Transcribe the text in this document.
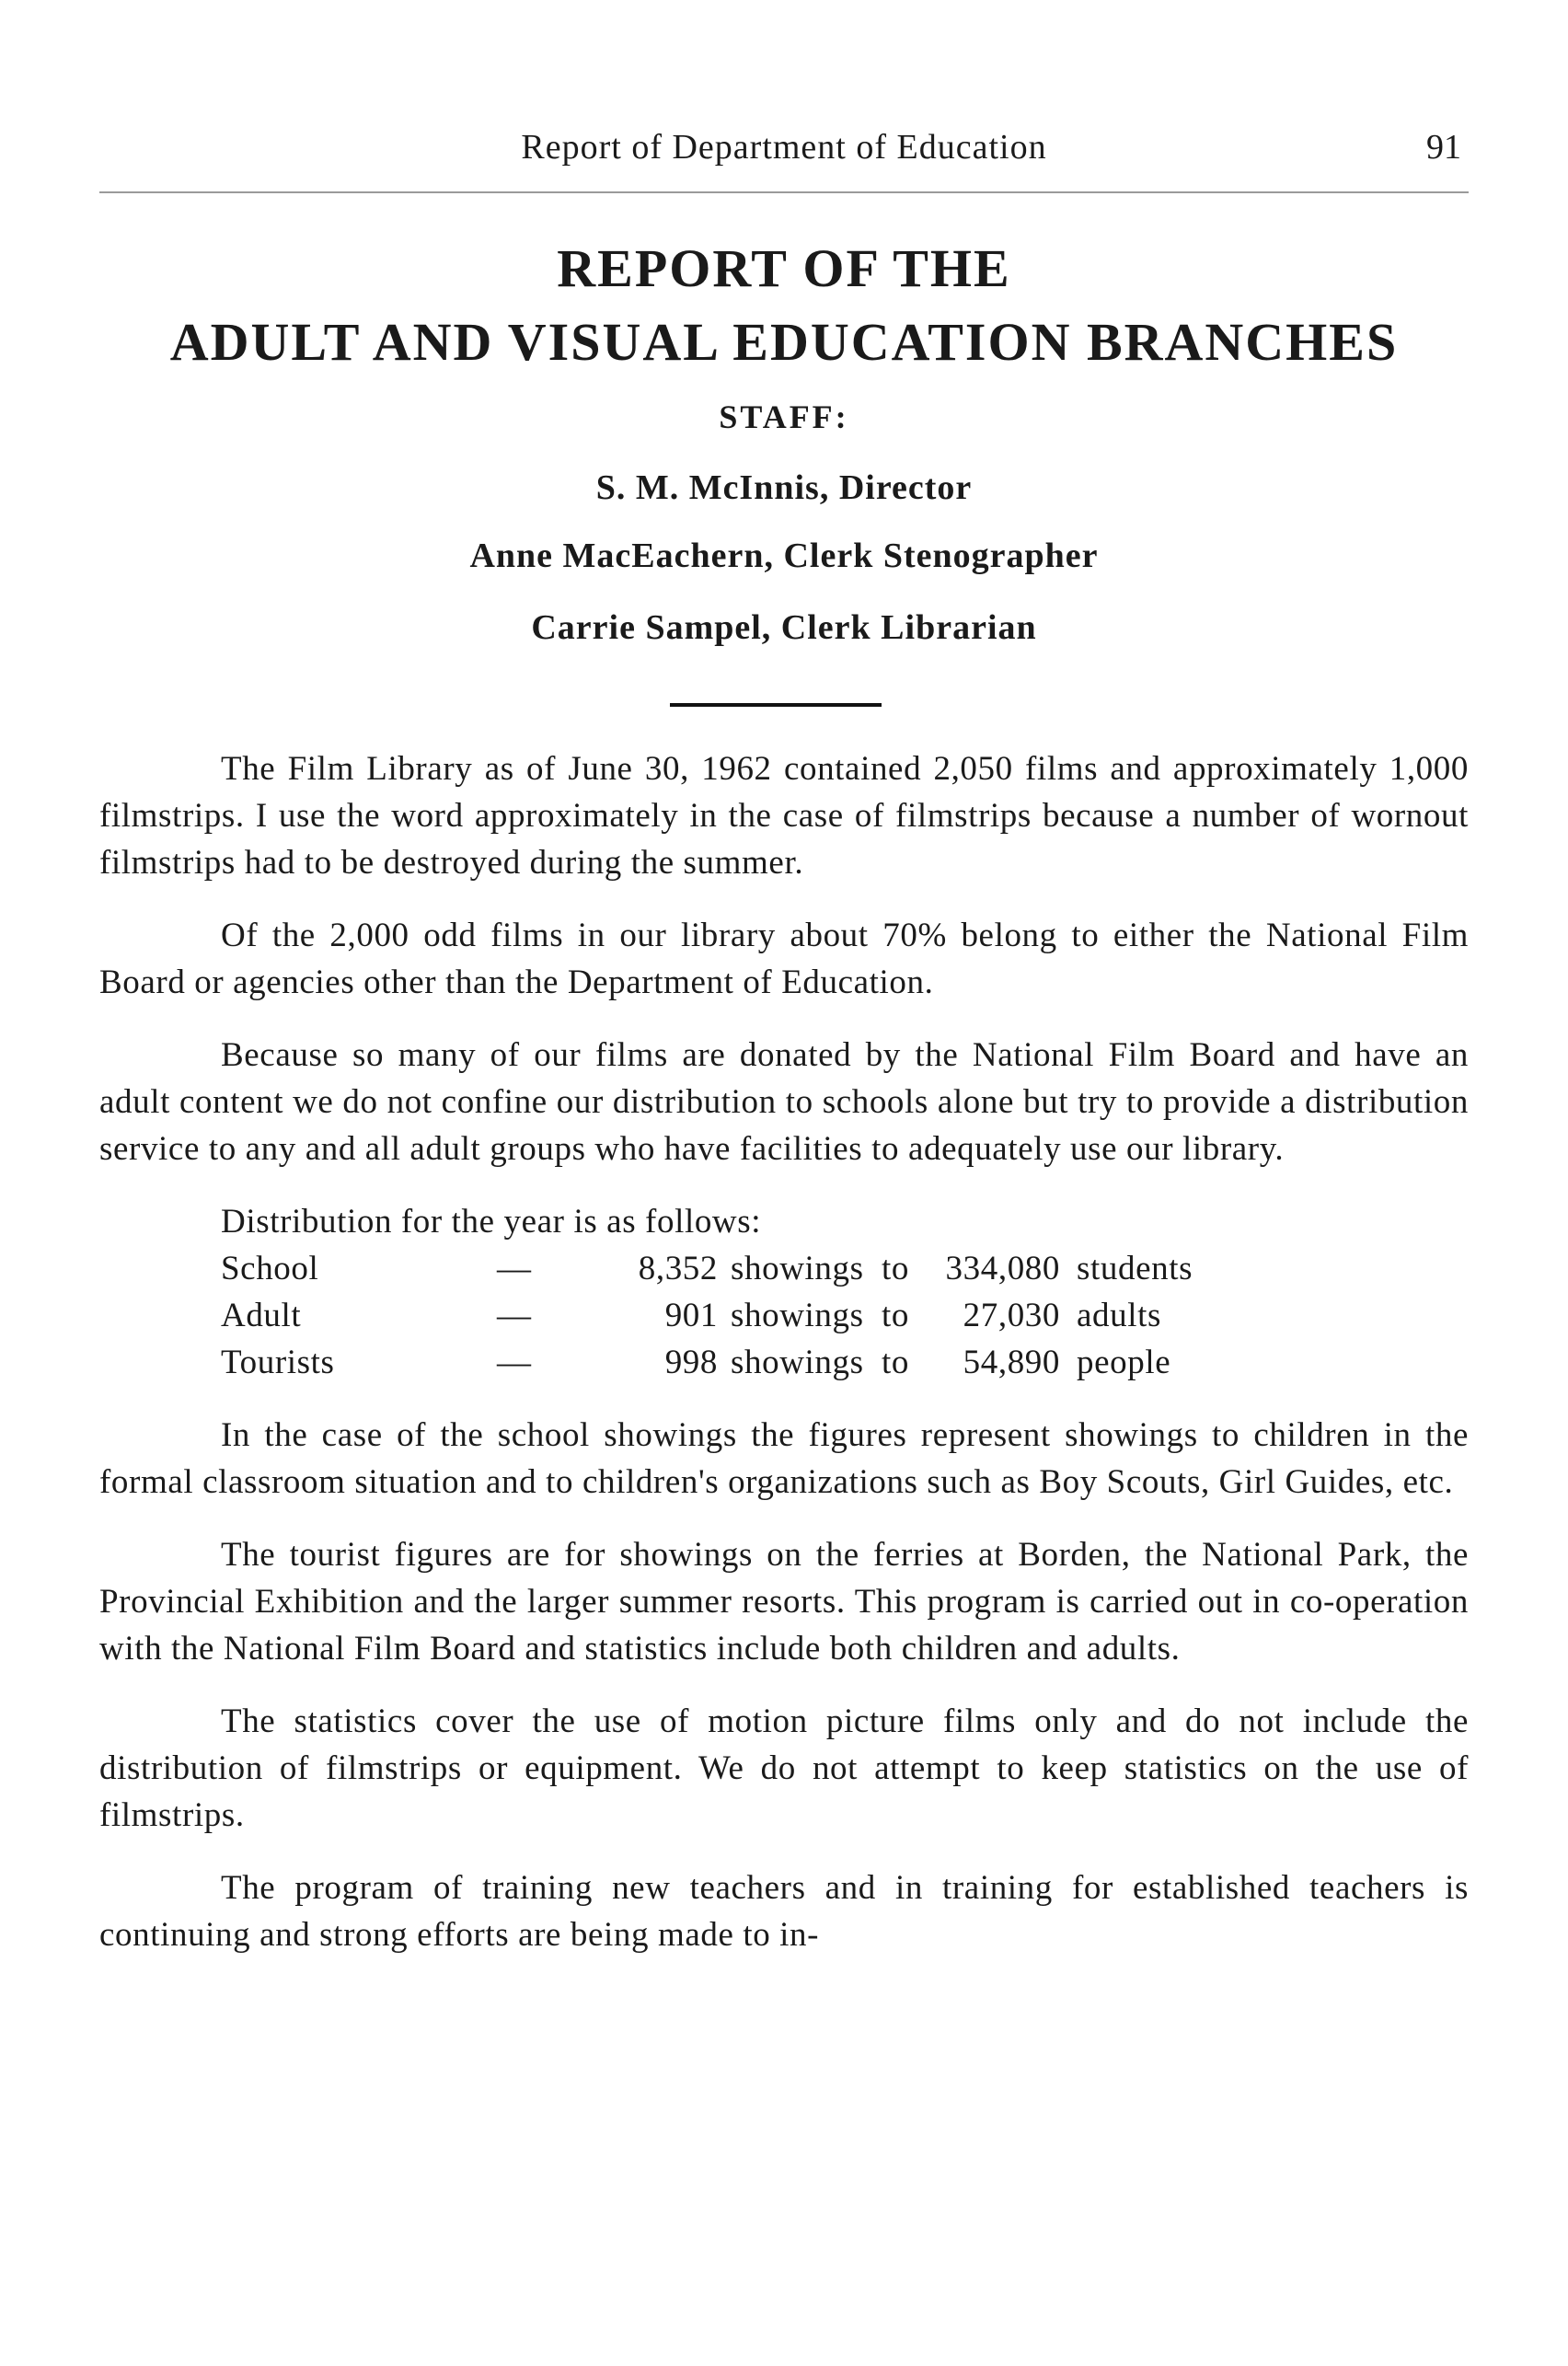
Report of Department of Education	91
REPORT OF THE
ADULT AND VISUAL EDUCATION BRANCHES
STAFF:
S. M. McInnis, Director
Anne MacEachern, Clerk Stenographer
Carrie Sampel, Clerk Librarian

The Film Library as of June 30, 1962 contained 2,050 films and approximately 1,000 filmstrips. I use the word approximately in the case of filmstrips because a number of wornout filmstrips had to be destroyed during the summer.

Of the 2,000 odd films in our library about 70% belong to either the National Film Board or agencies other than the Department of Education.

Because so many of our films are donated by the National Film Board and have an adult content we do not confine our distribution to schools alone but try to provide a distribution service to any and all adult groups who have facilities to adequately use our library.

Distribution for the year is as follows:
School	—	8,352 showings to	334,080 students
Adult	—	901 showings to	27,030 adults
Tourists	—	998 showings to	54,890 people

In the case of the school showings the figures represent showings to children in the formal classroom situation and to children's organizations such as Boy Scouts, Girl Guides, etc.

The tourist figures are for showings on the ferries at Borden, the National Park, the Provincial Exhibition and the larger summer resorts. This program is carried out in co-operation with the National Film Board and statistics include both children and adults.

The statistics cover the use of motion picture films only and do not include the distribution of filmstrips or equipment. We do not attempt to keep statistics on the use of filmstrips.

The program of training new teachers and in training for established teachers is continuing and strong efforts are being made to in-
